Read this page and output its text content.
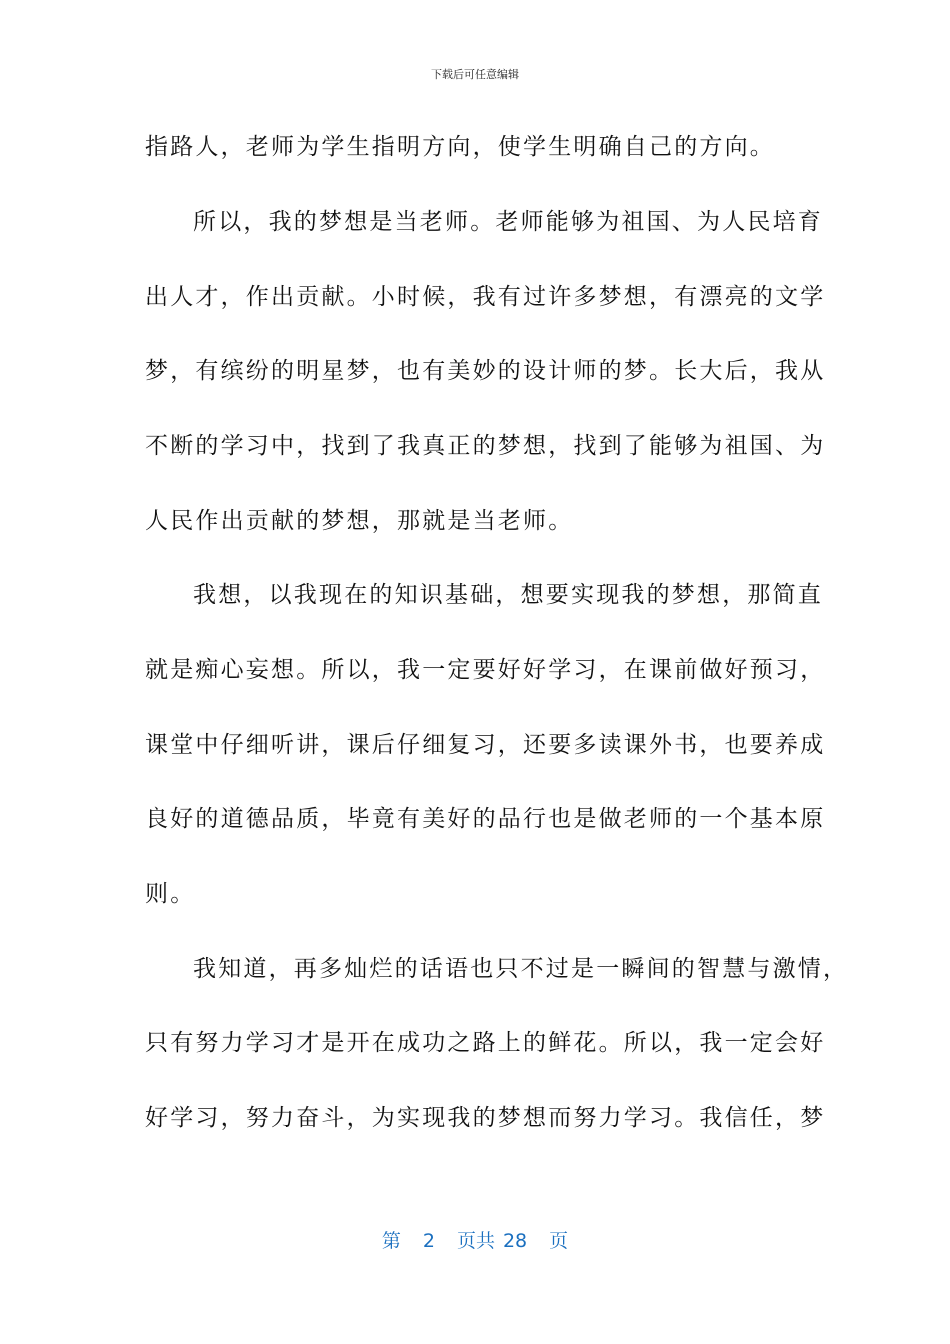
下载后可任意编辑
指路人，老师为学生指明方向，使学生明确自己的方向。
所以，我的梦想是当老师。老师能够为祖国、为人民培育
出人才，作出贡献。小时候，我有过许多梦想，有漂亮的文学
梦，有缤纷的明星梦，也有美妙的设计师的梦。长大后，我从
不断的学习中，找到了我真正的梦想，找到了能够为祖国、为
人民作出贡献的梦想，那就是当老师。
我想，以我现在的知识基础，想要实现我的梦想，那简直
就是痴心妄想。所以，我一定要好好学习，在课前做好预习，
课堂中仔细听讲，课后仔细复习，还要多读课外书，也要养成
良好的道德品质，毕竟有美好的品行也是做老师的一个基本原
则。
我知道，再多灿烂的话语也只不过是一瞬间的智慧与激情，
只有努力学习才是开在成功之路上的鲜花。所以，我一定会好
好学习，努力奋斗，为实现我的梦想而努力学习。我信任，梦
第 2 页共 28 页
